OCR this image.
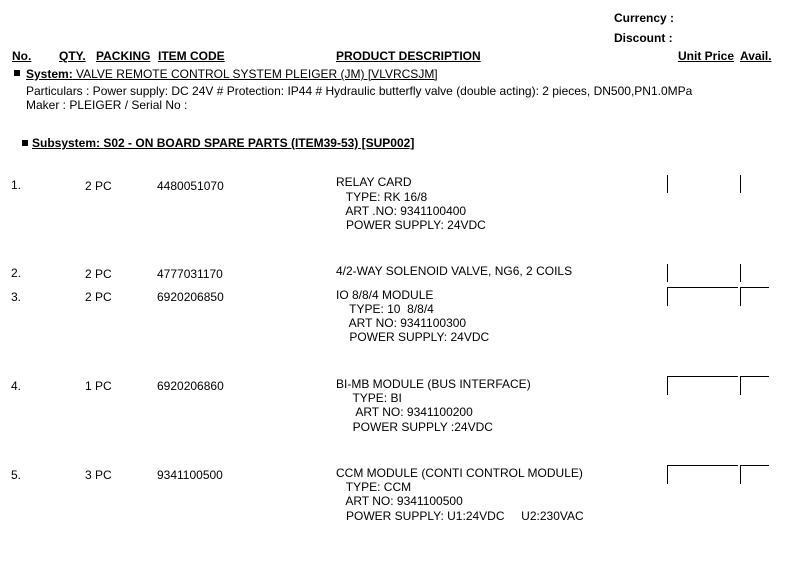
Currency :
Discount :
No. QTY. PACKING ITEM CODE	PRODUCT DESCRIPTION	Unit Price Avail.
System: VALVE REMOTE CONTROL SYSTEM PLEIGER (JM) [VLVRCSJM]
Particulars : Power supply: DC 24V # Protection: IP44 # Hydraulic butterfly valve (double acting): 2 pieces, DN500,PN1.0MPa
Maker : PLEIGER / Serial No :
Subsystem: S02 - ON BOARD SPARE PARTS (ITEM39-53) [SUP002]
1.	2 PC	4480051070	RELAY CARD
TYPE: RK 16/8
ART .NO: 9341100400
POWER SUPPLY: 24VDC
2.	2 PC	4777031170	4/2-WAY SOLENOID VALVE, NG6, 2 COILS
3.	2 PC	6920206850	IO 8/8/4 MODULE
TYPE: 10  8/8/4
ART NO: 9341100300
POWER SUPPLY: 24VDC
4.	1 PC	6920206860	BI-MB MODULE (BUS INTERFACE)
TYPE: BI
ART NO: 9341100200
POWER SUPPLY :24VDC
5.	3 PC	9341100500	CCM MODULE (CONTI CONTROL MODULE)
TYPE: CCM
ART NO: 9341100500
POWER SUPPLY: U1:24VDC     U2:230VAC
